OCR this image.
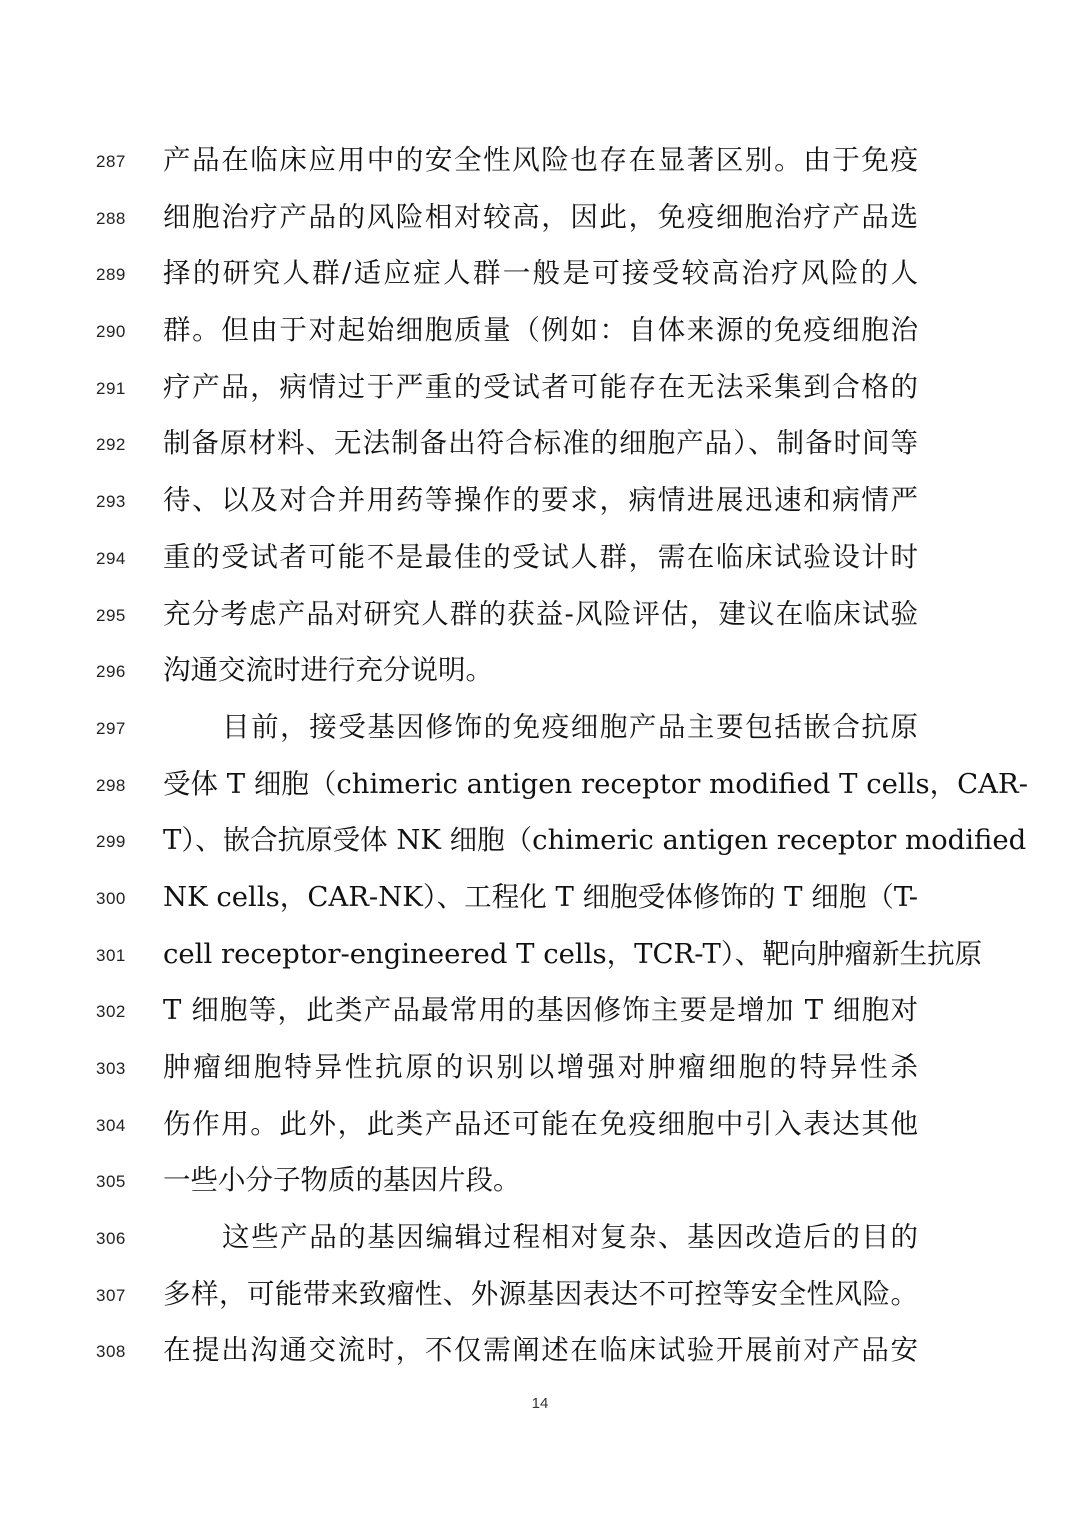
287	产品在临床应用中的安全性风险也存在显著区别。由于免疫
288	细胞治疗产品的风险相对较高，因此，免疫细胞治疗产品选
289	择的研究人群/适应症人群一般是可接受较高治疗风险的人
290	群。但由于对起始细胞质量（例如：自体来源的免疫细胞治
291	疗产品，病情过于严重的受试者可能存在无法采集到合格的
292	制备原材料、无法制备出符合标准的细胞产品）、制备时间等
293	待、以及对合并用药等操作的要求，病情进展迅速和病情严
294	重的受试者可能不是最佳的受试人群，需在临床试验设计时
295	充分考虑产品对研究人群的获益-风险评估，建议在临床试验
296	沟通交流时进行充分说明。
297	目前，接受基因修饰的免疫细胞产品主要包括嵌合抗原
298	受体 T 细胞（chimeric antigen receptor modified T cells，CAR-
299	T）、嵌合抗原受体 NK 细胞（chimeric antigen receptor modified
300	NK cells，CAR-NK）、工程化 T 细胞受体修饰的 T 细胞（T-
301	cell receptor-engineered T cells，TCR-T）、靶向肿瘤新生抗原
302	T 细胞等，此类产品最常用的基因修饰主要是增加 T 细胞对
303	肿瘤细胞特异性抗原的识别以增强对肿瘤细胞的特异性杀
304	伤作用。此外，此类产品还可能在免疫细胞中引入表达其他
305	一些小分子物质的基因片段。
306	这些产品的基因编辑过程相对复杂、基因改造后的目的
307	多样，可能带来致瘤性、外源基因表达不可控等安全性风险。
308	在提出沟通交流时，不仅需阐述在临床试验开展前对产品安
14
